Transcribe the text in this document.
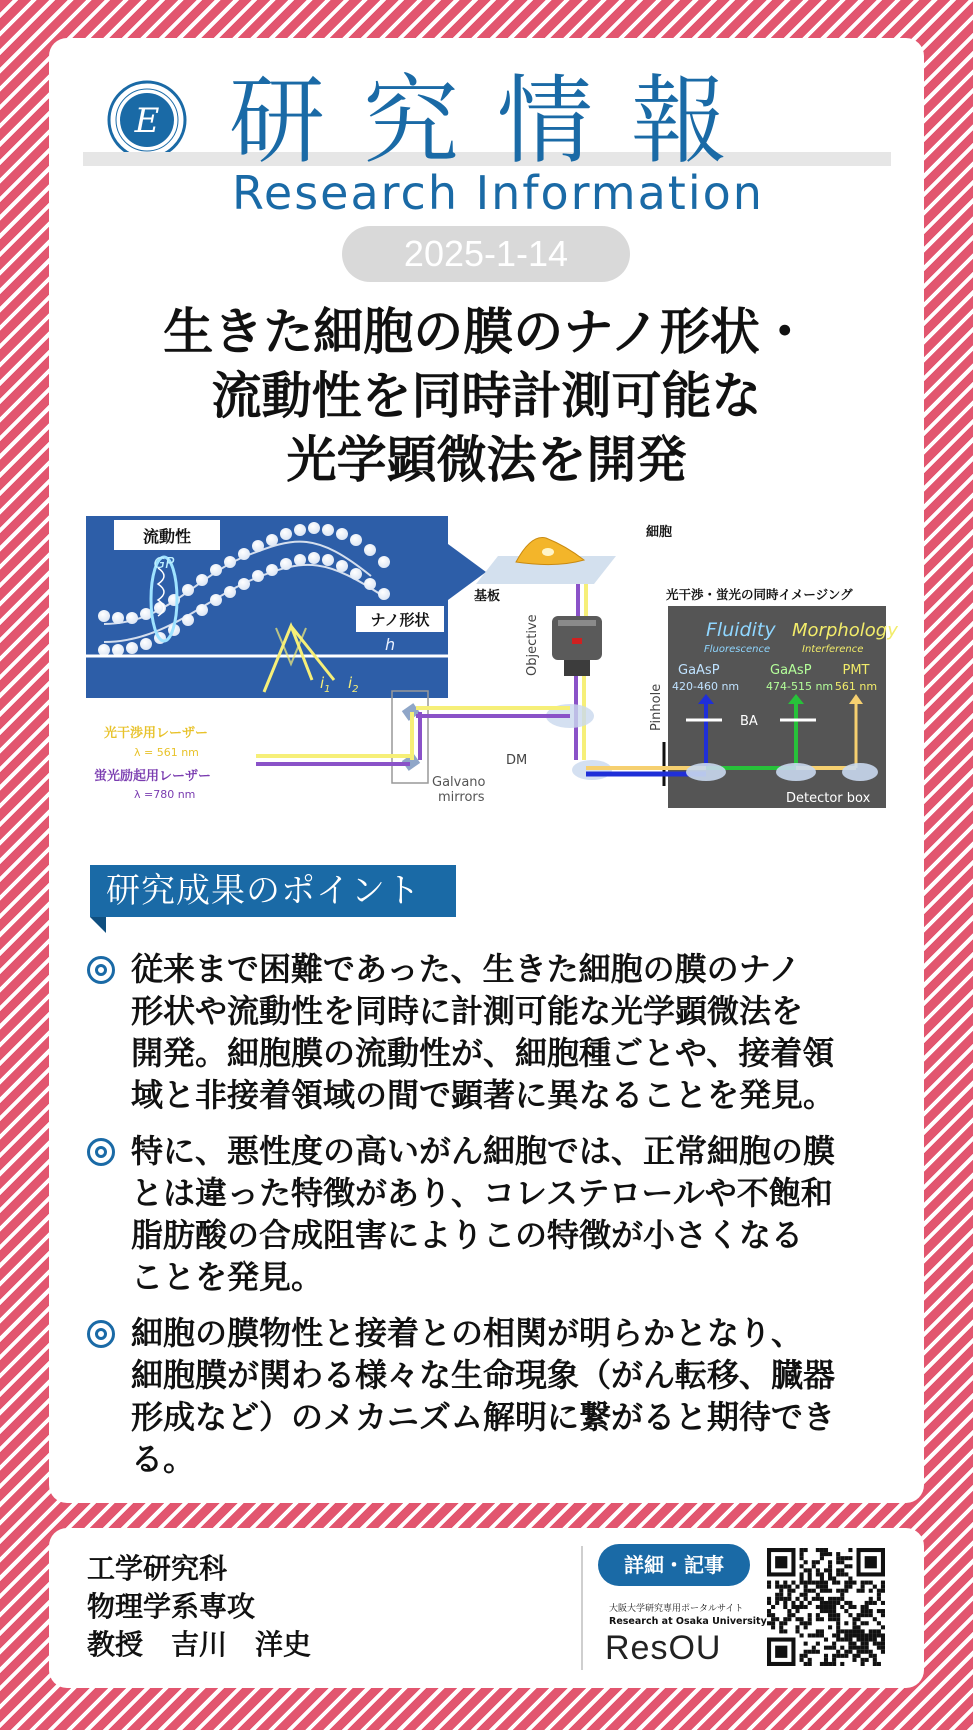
E 研究情報
Research Information
2025-1-14
生きた細胞の膜のナノ形状・
流動性を同時計測可能な
光学顕微法を開発
流動性
GP
ナノ形状
h
$i_1$ $i_2$
細胞
基板	光干渉・蛍光の同時イメージング
Objective
Pinhole
DM
Galvano
mirrors
光干渉用レーザー
λ = 561 nm
蛍光励起用レーザー
λ =780 nm
Fluidity
Fluorescence
Morphology
Interference
GaAsP
420-460 nm
GaAsP
474-515 nm
PMT
561 nm
BA
Detector box
研究成果のポイント
従来まで困難であった、生きた細胞の膜のナノ
形状や流動性を同時に計測可能な光学顕微法を
開発。細胞膜の流動性が、細胞種ごとや、接着領
域と非接着領域の間で顕著に異なることを発見。
特に、悪性度の高いがん細胞では、正常細胞の膜
とは違った特徴があり、コレステロールや不飽和
脂肪酸の合成阻害によりこの特徴が小さくなる
ことを発見。
細胞の膜物性と接着との相関が明らかとなり、
細胞膜が関わる様々な生命現象（がん転移、臓器
形成など）のメカニズム解明に繋がると期待でき
る。
工学研究科
物理学系専攻
教授　吉川　洋史
詳細・記事
大阪大学研究専用ポータルサイト
Research at Osaka University
ResOU
